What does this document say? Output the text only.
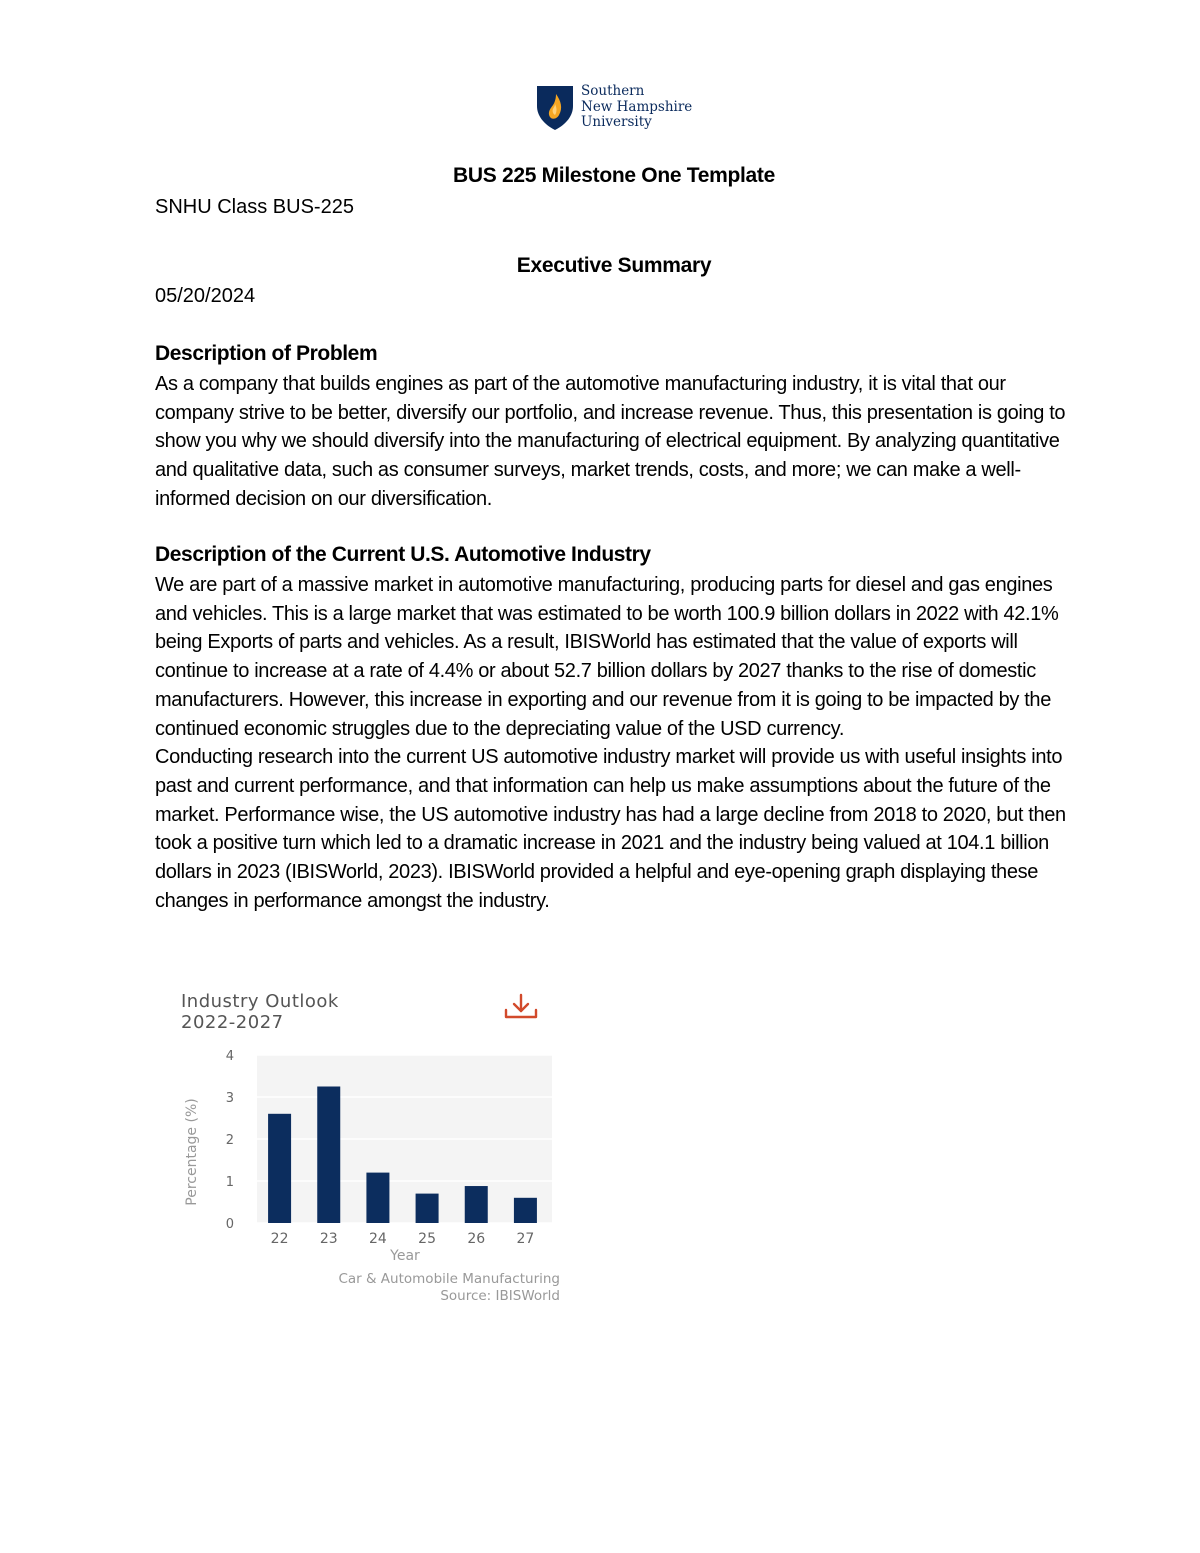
Southern
New Hampshire
University
BUS 225 Milestone One Template
SNHU Class BUS-225
Executive Summary
05/20/2024
Description of Problem

As a company that builds engines as part of the automotive manufacturing industry, it is vital that our company strive to be better, diversify our portfolio, and increase revenue. Thus, this presentation is going to show you why we should diversify into the manufacturing of electrical equipment. By analyzing quantitative and qualitative data, such as consumer surveys, market trends, costs, and more; we can make a well-informed decision on our diversification.

Description of the Current U.S. Automotive Industry

We are part of a massive market in automotive manufacturing, producing parts for diesel and gas engines and vehicles. This is a large market that was estimated to be worth 100.9 billion dollars in 2022 with 42.1% being Exports of parts and vehicles. As a result, IBISWorld has estimated that the value of exports will continue to increase at a rate of 4.4% or about 52.7 billion dollars by 2027 thanks to the rise of domestic manufacturers. However, this increase in exporting and our revenue from it is going to be impacted by the continued economic struggles due to the depreciating value of the USD currency.

Conducting research into the current US automotive industry market will provide us with useful insights into past and current performance, and that information can help us make assumptions about the future of the market. Performance wise, the US automotive industry has had a large decline from 2018 to 2020, but then took a positive turn which led to a dramatic increase in 2021 and the industry being valued at 104.1 billion dollars in 2023 (IBISWorld, 2023). IBISWorld provided a helpful and eye-opening graph displaying these changes in performance amongst the industry.

0
1
2
3
4
22 23 24 25 26 27
Industry Outlook
2022-2027
Percentage (%)
Year
Car & Automobile Manufacturing
Source: IBISWorld
